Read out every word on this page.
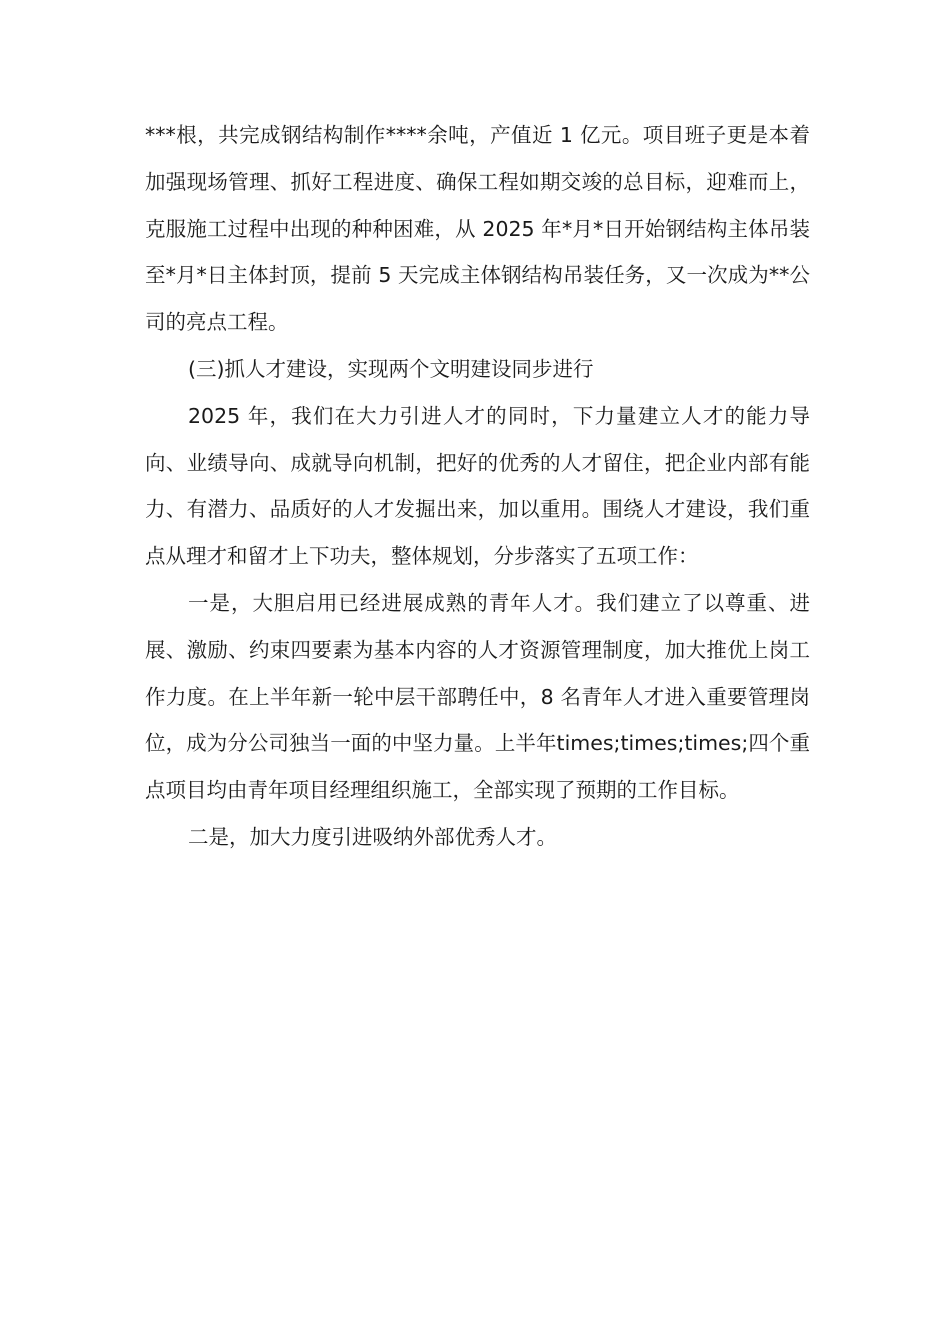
***根，共完成钢结构制作****余吨，产值近 1 亿元。项目班子更是本着加强现场管理、抓好工程进度、确保工程如期交竣的总目标，迎难而上，克服施工过程中出现的种种困难，从 2025 年*月*日开始钢结构主体吊装至*月*日主体封顶，提前 5 天完成主体钢结构吊装任务，又一次成为**公司的亮点工程。

(三)抓人才建设，实现两个文明建设同步进行

2025 年，我们在大力引进人才的同时，下力量建立人才的能力导向、业绩导向、成就导向机制，把好的优秀的人才留住，把企业内部有能力、有潜力、品质好的人才发掘出来，加以重用。围绕人才建设，我们重点从理才和留才上下功夫，整体规划，分步落实了五项工作：

一是，大胆启用已经进展成熟的青年人才。我们建立了以尊重、进展、激励、约束四要素为基本内容的人才资源管理制度，加大推优上岗工作力度。在上半年新一轮中层干部聘任中，8 名青年人才进入重要管理岗位，成为分公司独当一面的中坚力量。上半年times;times;times;四个重点项目均由青年项目经理组织施工，全部实现了预期的工作目标。

二是，加大力度引进吸纳外部优秀人才。
